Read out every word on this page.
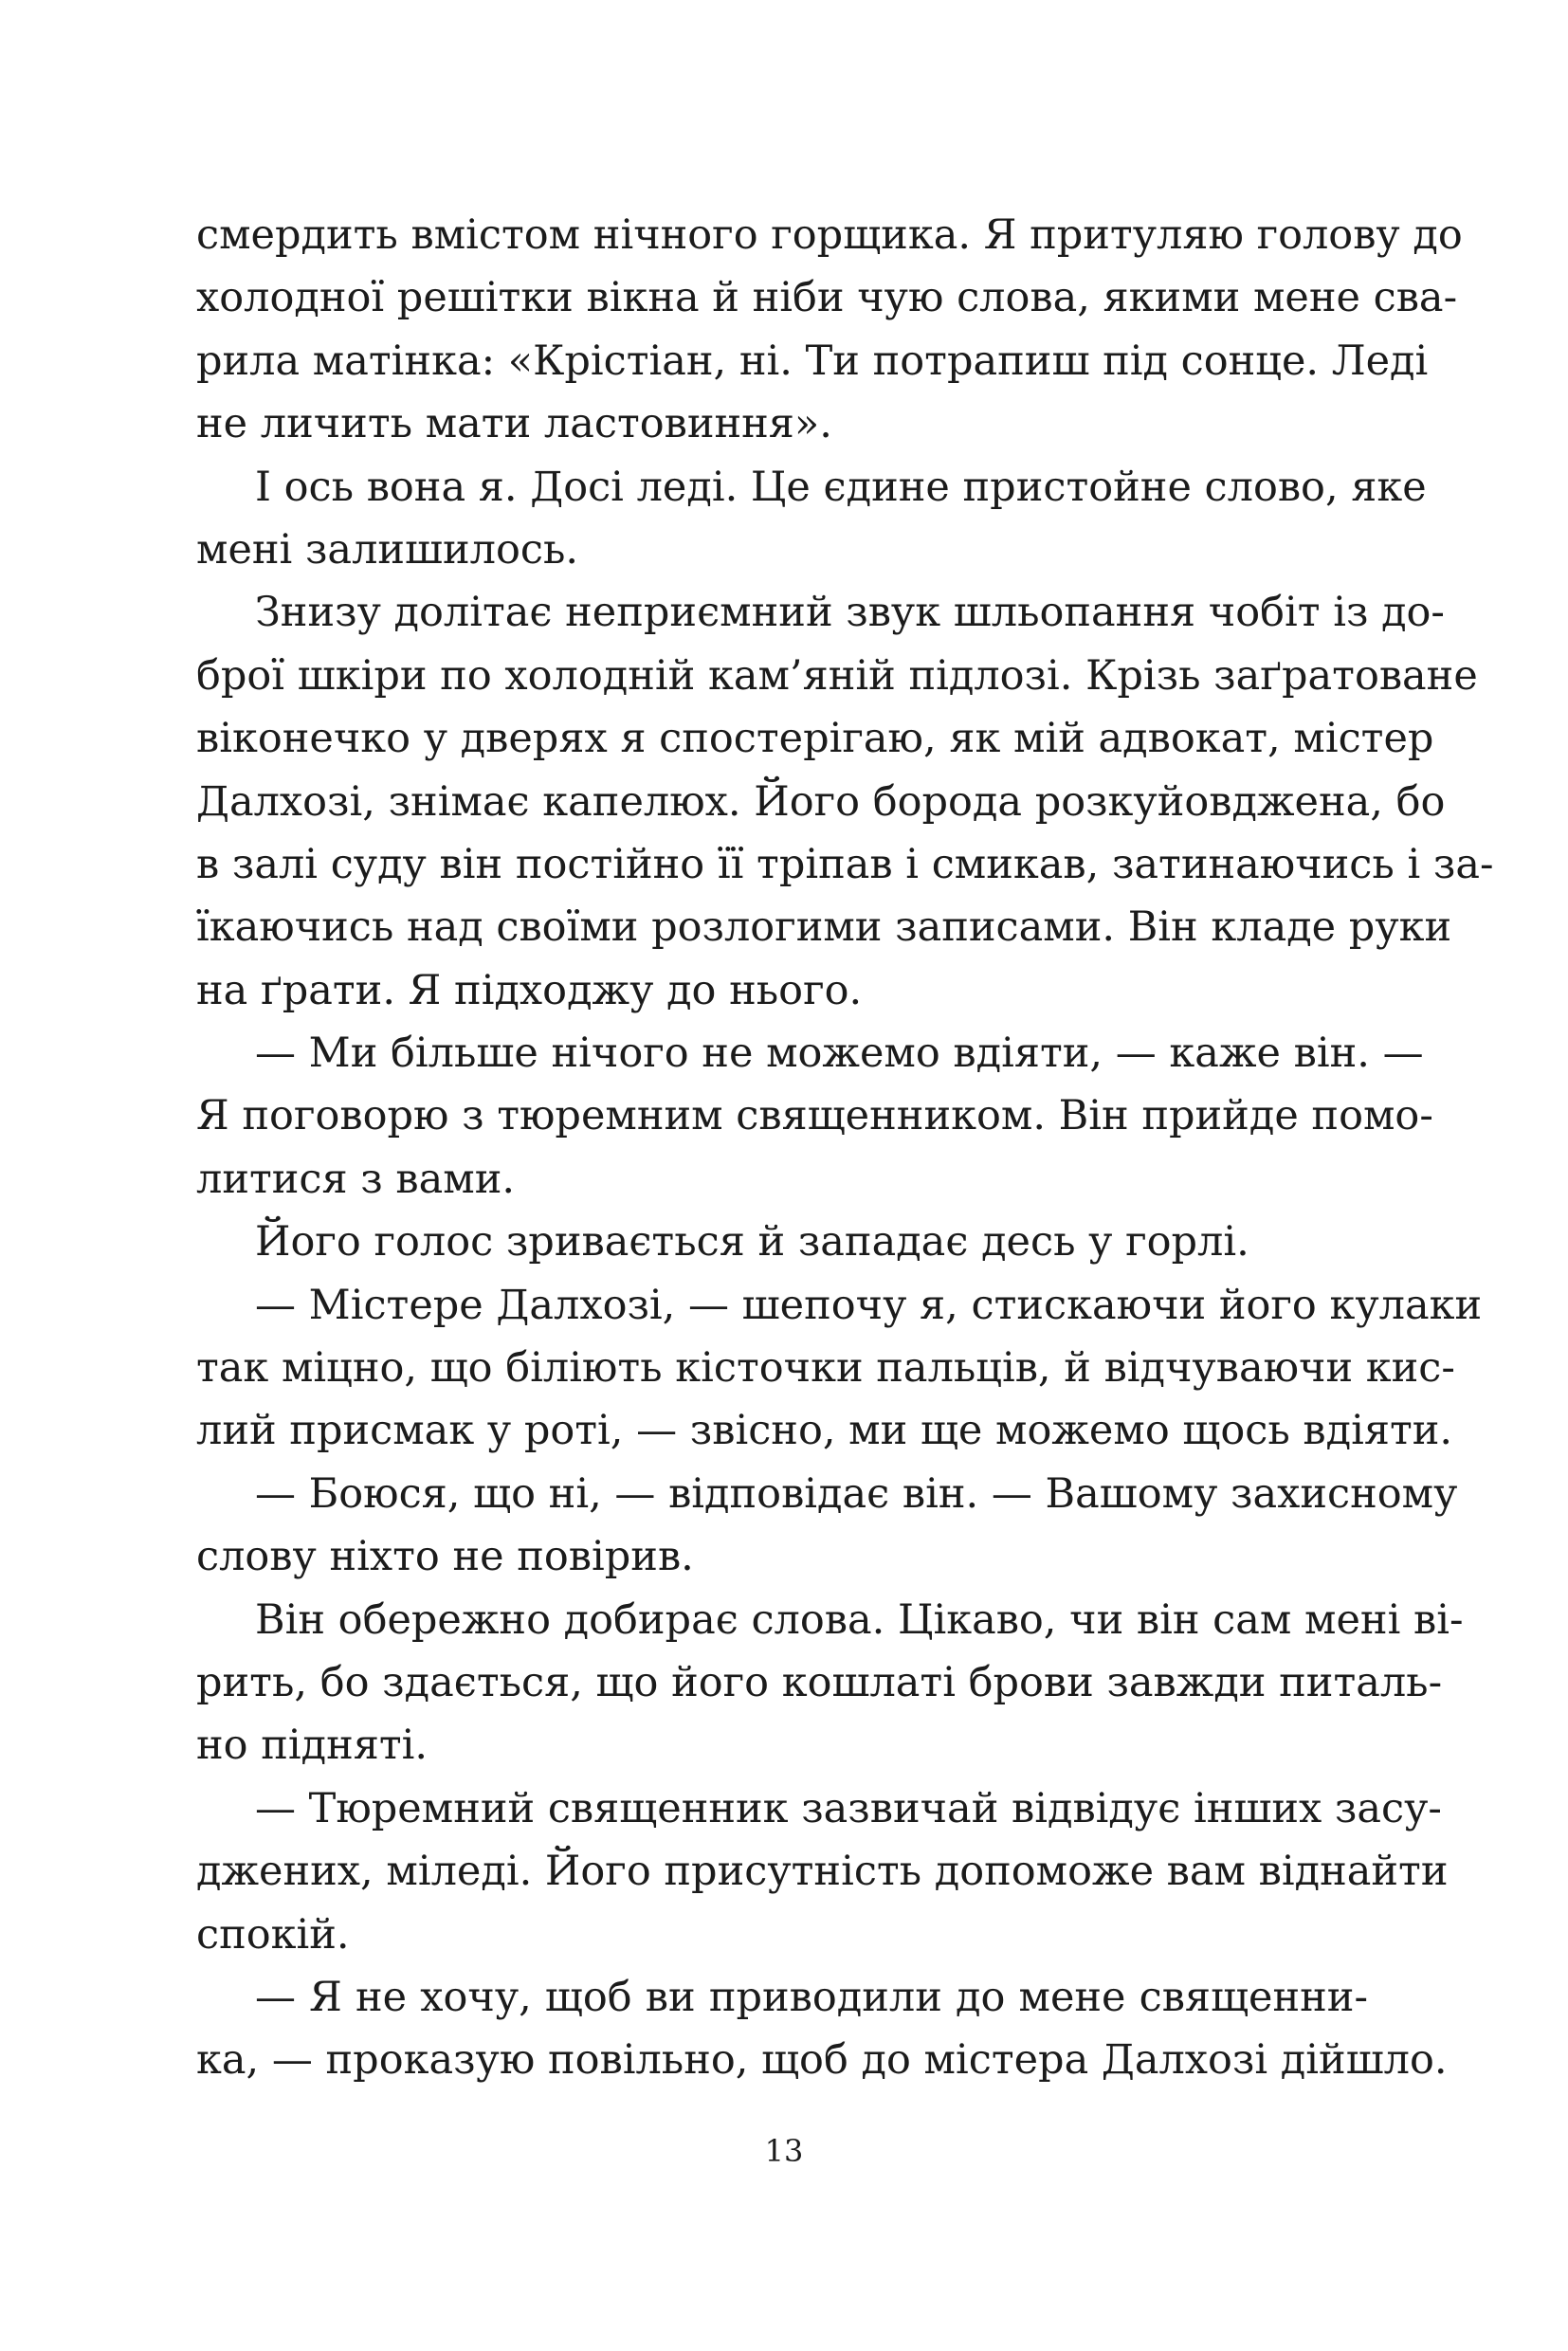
смердить вмістом нічного горщика. Я притуляю голову до
холодної решітки вікна й ніби чую слова, якими мене сва-
рила матінка: «Крістіан, ні. Ти потрапиш під сонце. Леді
не личить мати ластовиння».
І ось вона я. Досі леді. Це єдине пристойне слово, яке
мені залишилось.
Знизу долітає неприємний звук шльопання чобіт із до-
брої шкіри по холодній кам’яній підлозі. Крізь заґратоване
віконечко у дверях я спостерігаю, як мій адвокат, містер
Далхозі, знімає капелюх. Його борода розкуйовджена, бо
в залі суду він постійно її тріпав і смикав, затинаючись і за-
їкаючись над своїми розлогими записами. Він кладе руки
на ґрати. Я підходжу до нього.
— Ми більше нічого не можемо вдіяти, — каже він. —
Я поговорю з тюремним священником. Він прийде помо-
литися з вами.
Його голос зривається й западає десь у горлі.
— Містере Далхозі, — шепочу я, стискаючи його кулаки
так міцно, що біліють кісточки пальців, й відчуваючи кис-
лий присмак у роті, — звісно, ми ще можемо щось вдіяти.
— Боюся, що ні, — відповідає він. — Вашому захисному
слову ніхто не повірив.
Він обережно добирає слова. Цікаво, чи він сам мені ві-
рить, бо здається, що його кошлаті брови завжди питаль-
но підняті.
— Тюремний священник зазвичай відвідує інших засу-
джених, міледі. Його присутність допоможе вам віднайти
спокій.
— Я не хочу, щоб ви приводили до мене священни-
ка, — проказую повільно, щоб до містера Далхозі дійшло.
13
